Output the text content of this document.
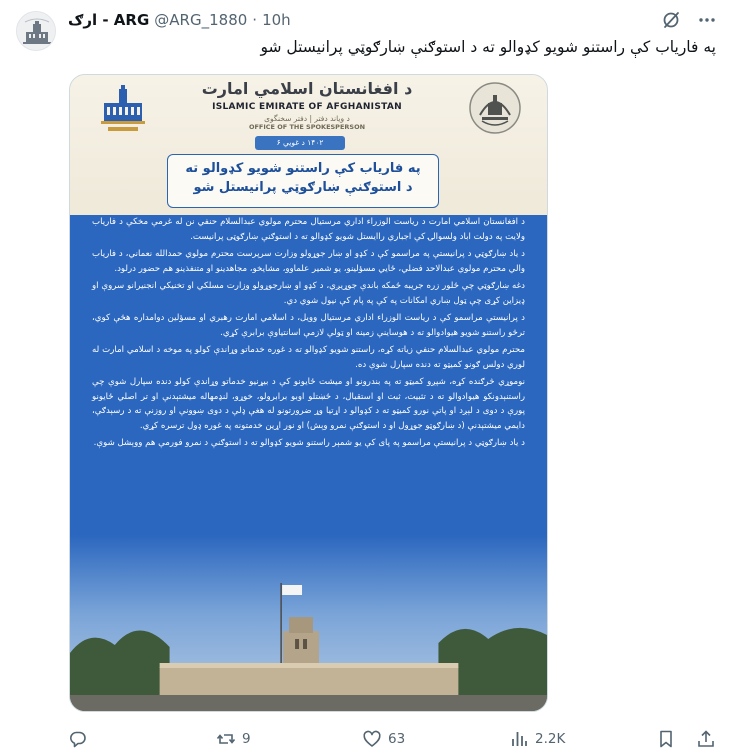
ارګ - ARG @ARG_1880 · 10h
په فارياب کې راستنو شويو کډوالو ته د استوګنې ښارګوټي پرانيستل شو
د افغانستان اسلامي امارت
ISLAMIC EMIRATE OF AFGHANISTAN
د ویاند دفتر | دفتر سخنگوی
OFFICE OF THE SPOKESPERSON
۱۴۰۲ د غويي ۶
په فارياب کې راستنو شويو کډوالو ته
د استوګنې ښارګوټي پرانيستل شو

د افغانستان اسلامي امارت د رياست الوزراء اداري مرستيال محترم مولوي عبدالسلام حنفي نن له غرمې مخکې د فارياب ولايت په دولت اباد ولسوالۍ کې اجباري راايستل شويو کډوالو ته د استوګنې ښارګوټی پرانيست.

د ياد ښارګوټي د پرانيستې په مراسمو کې د کډو او ښار جوړولو وزارت سرپرست محترم مولوي حمدالله نعماني، د فارياب والي محترم مولوي عبدالاحد فضلي، ځايي مسؤلينو، يو شمير علماوو، مشايخو، مجاهدينو او متنفذينو هم حضور درلود.

دغه ښارګوټي چې ځلور زره جريبه ځمکه باندې جوړيږي، د کډو او ښارجوړولو وزارت مسلکي او تخنيکي انجنيرانو سروې او ډيزاين کړی چې ټول ښاري امکانات په کې په پام کې نيول شوي دي.

د پرانيستې مراسمو کې د رياست الوزراء اداري مرستيال وويل، د اسلامي امارت رهبري او مسؤلين دوامداره هڅې کوي، ترڅو راستنو شويو هيوادوالو ته د هوساينې زمينه او ټولې لازمې اسانتياوې برابرې کړي.

محترم مولوي عبدالسلام حنفي زياته کړه، راستنو شويو کډوالو ته د غوره خدماتو وړاندې کولو په موخه د اسلامي امارت له لوري دولس ګونو کميټو ته دنده سپارل شوې ده.

نوموړي څرګنده کړه، شپږو کميټو ته په بندرونو او ميشت ځايونو کې د بيړنيو خدماتو وړاندې کولو دنده سپارل شوې چې راستنېدونکو هيوادوالو ته د تثبيت، ثبت او استقبال، د ځښتلو اوبو برابرولو، خوړو، لنډمهاله ميشتېدنې او تر اصلي ځايونو پورې د دوی د لېږد او پاتې نورو کميټو ته د کډوالو د اړتيا وړ ضرورتونو له هغې ډلې د دوی ښوونې او روزنې ته د رسېدګې، دايمي ميشتېدنې (د ښارګوټو جوړول او د استوګنې نمرو وېش) او نور اړين خدمتونه په غوره ډول ترسره کړي.

د ياد ښارګوټي د پرانيستې مراسمو په پای کې يو شمېر راستنو شويو کډوالو ته د استوګنې د نمرو فورمې هم ووېشل شوې.

9	63	2.2K
